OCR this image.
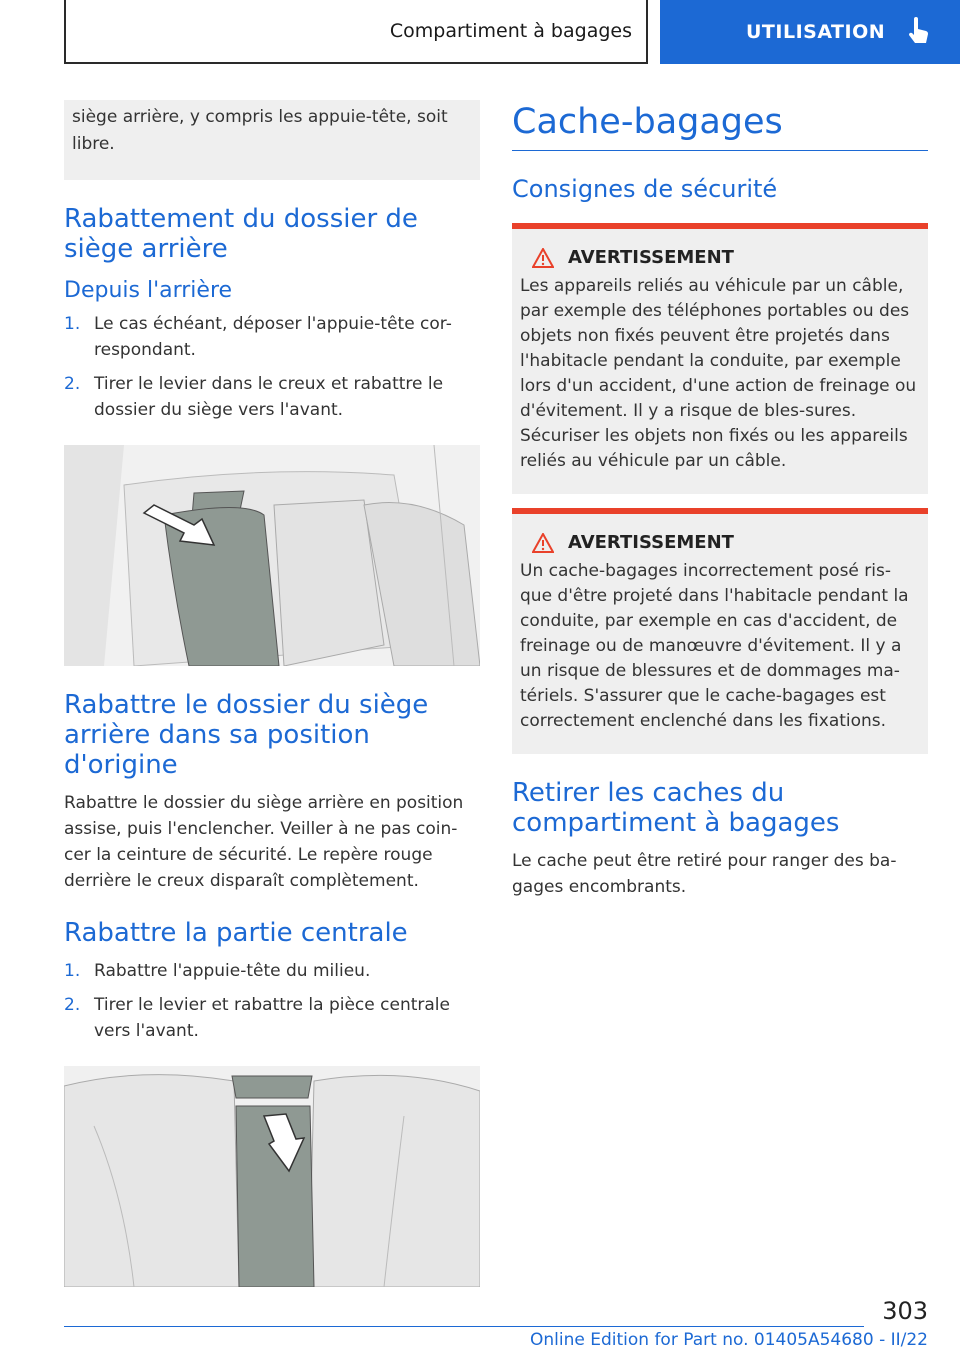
Compartiment à bagages	UTILISATION
siège arrière, y compris les appuie-tête, soit libre.
Rabattement du dossier de siège arrière
Depuis l'arrière
1. Le cas échéant, déposer l'appuie-tête cor-respondant.
2. Tirer le levier dans le creux et rabattre le dossier du siège vers l'avant.
Rabattre le dossier du siège arrière dans sa position d'origine

Rabattre le dossier du siège arrière en position assise, puis l'enclencher. Veiller à ne pas coin-cer la ceinture de sécurité. Le repère rouge derrière le creux disparaît complètement.

Rabattre la partie centrale
1. Rabattre l'appuie-tête du milieu.
2. Tirer le levier et rabattre la pièce centrale vers l'avant.
Cache-bagages
Consignes de sécurité
AVERTISSEMENT
Les appareils reliés au véhicule par un câble, par exemple des téléphones portables ou des objets non fixés peuvent être projetés dans l'habitacle pendant la conduite, par exemple lors d'un accident, d'une action de freinage ou d'évitement. Il y a risque de bles-sures. Sécuriser les objets non fixés ou les appareils reliés au véhicule par un câble.
AVERTISSEMENT
Un cache-bagages incorrectement posé ris-que d'être projeté dans l'habitacle pendant la conduite, par exemple en cas d'accident, de freinage ou de manœuvre d'évitement. Il y a un risque de blessures et de dommages ma-tériels. S'assurer que le cache-bagages est correctement enclenché dans les fixations.
Retirer les caches du compartiment à bagages

Le cache peut être retiré pour ranger des ba-gages encombrants.

303
Online Edition for Part no. 01405A54680 - II/22
